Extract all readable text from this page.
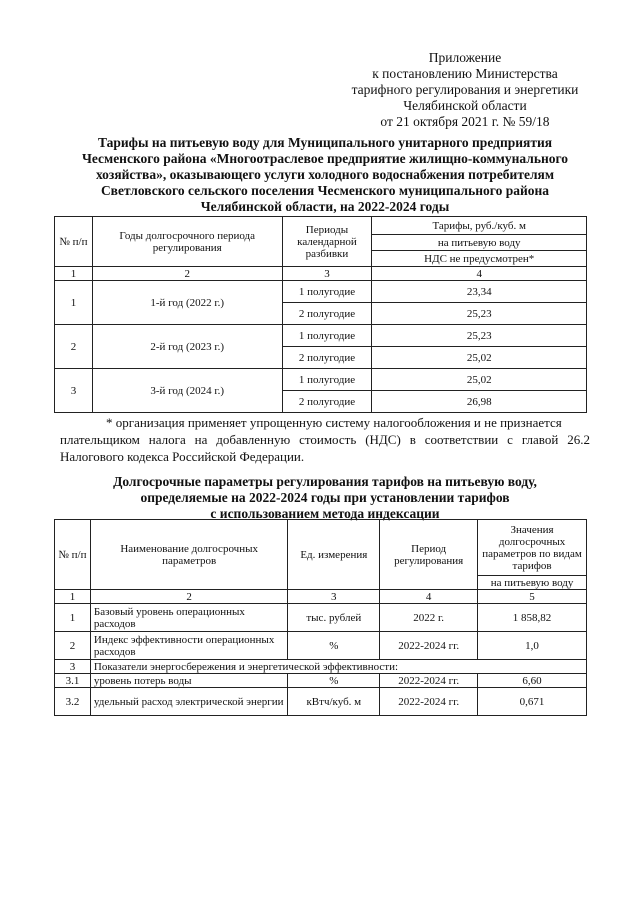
Приложение
к постановлению Министерства
тарифного регулирования и энергетики
Челябинской области
от 21 октября 2021 г. № 59/18
Тарифы на питьевую воду для Муниципального унитарного предприятия
Чесменского района «Многоотраслевое предприятие жилищно-коммунального
хозяйства», оказывающего услуги холодного водоснабжения потребителям
Светловского сельского поселения Чесменского муниципального района
Челябинской области, на 2022-2024 годы
№ п/п	Годы долгосрочного периода регулирования	Периоды календарной разбивки	Тарифы, руб./куб. м
			на питьевую воду
			НДС не предусмотрен*
1	2	3	4
1	1-й год (2022 г.)	1 полугодие	23,34
		2 полугодие	25,23
2	2-й год (2023 г.)	1 полугодие	25,23
		2 полугодие	25,02
3	3-й год (2024 г.)	1 полугодие	25,02
		2 полугодие	26,98

* организация применяет упрощенную систему налогообложения и не признается

плательщиком налога на добавленную стоимость (НДС) в соответствии с главой 26.2 Налогового кодекса Российской Федерации.

Долгосрочные параметры регулирования тарифов на питьевую воду,
определяемые на 2022-2024 годы при установлении тарифов
с использованием метода индексации
№ п/п	Наименование долгосрочных параметров	Ед. измерения	Период регулирования	Значения долгосрочных параметров по видам тарифов
				на питьевую воду
1	2	3	4	5
1	Базовый уровень операционных расходов	тыс. рублей	2022 г.	1 858,82
2	Индекс эффективности операционных расходов	%	2022-2024 гг.	1,0
3	Показатели энергосбережения и энергетической эффективности:			
3.1	уровень потерь воды	%	2022-2024 гг.	6,60
3.2	удельный расход электрической энергии	кВтч/куб. м	2022-2024 гг.	0,671
